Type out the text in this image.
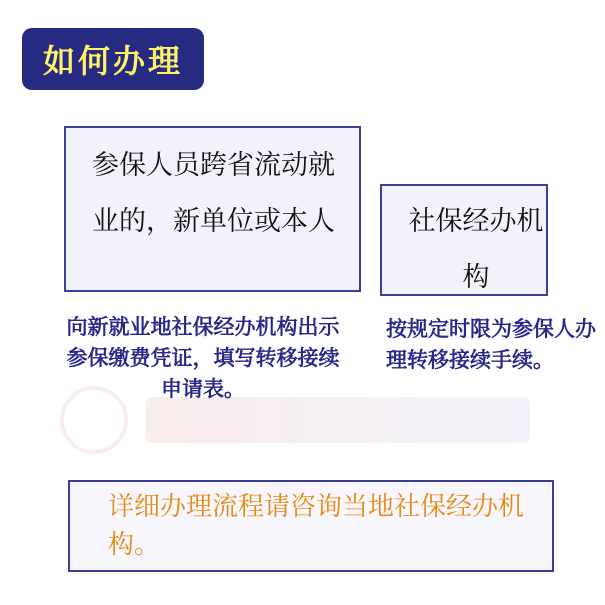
如何办理
参保人员跨省流动就业的，新单位或本人	社保经办机构
向新就业地社保经办机构出示参保缴费凭证，填写转移接续申请表。
按规定时限为参保人办理转移接续手续。
详细办理流程请咨询当地社保经办机构。
